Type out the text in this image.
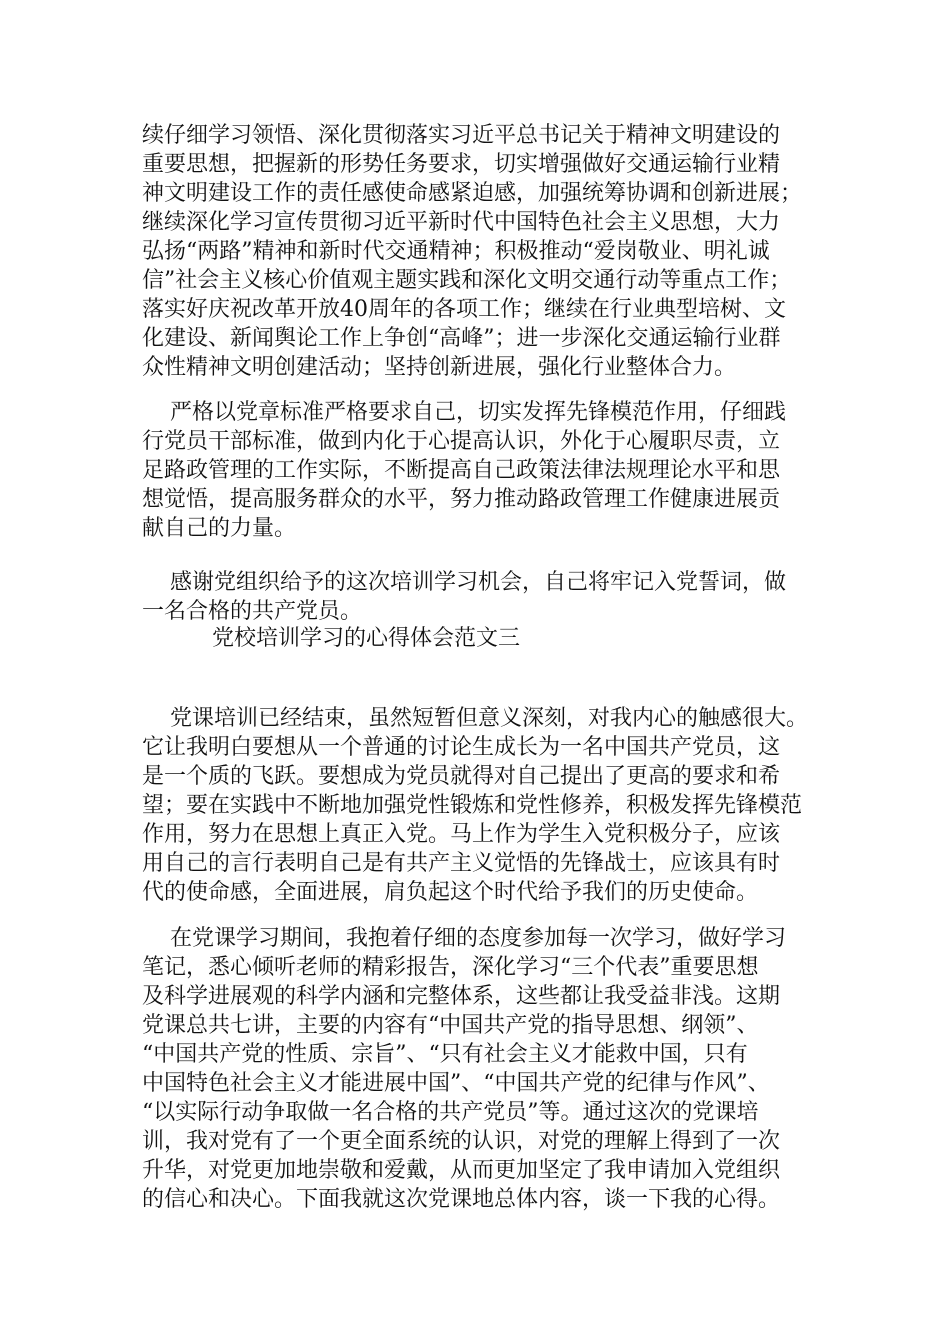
续仔细学习领悟、深化贯彻落实习近平总书记关于精神文明建设的
重要思想，把握新的形势任务要求，切实增强做好交通运输行业精
神文明建设工作的责任感使命感紧迫感，加强统筹协调和创新进展；
继续深化学习宣传贯彻习近平新时代中国特色社会主义思想，大力
弘扬“两路”精神和新时代交通精神；积极推动“爱岗敬业、明礼诚
信”社会主义核心价值观主题实践和深化文明交通行动等重点工作；
落实好庆祝改革开放40周年的各项工作；继续在行业典型培树、文
化建设、新闻舆论工作上争创“高峰”；进一步深化交通运输行业群
众性精神文明创建活动；坚持创新进展，强化行业整体合力。

严格以党章标准严格要求自己，切实发挥先锋模范作用，仔细践
行党员干部标准，做到内化于心提高认识，外化于心履职尽责，立
足路政管理的工作实际，不断提高自己政策法律法规理论水平和思
想觉悟，提高服务群众的水平，努力推动路政管理工作健康进展贡
献自己的力量。

感谢党组织给予的这次培训学习机会，自己将牢记入党誓词，做
一名合格的共产党员。

党校培训学习的心得体会范文三

党课培训已经结束，虽然短暂但意义深刻，对我内心的触感很大。
它让我明白要想从一个普通的讨论生成长为一名中国共产党员，这
是一个质的飞跃。要想成为党员就得对自己提出了更高的要求和希
望；要在实践中不断地加强党性锻炼和党性修养，积极发挥先锋模范
作用，努力在思想上真正入党。马上作为学生入党积极分子，应该
用自己的言行表明自己是有共产主义觉悟的先锋战士，应该具有时
代的使命感，全面进展，肩负起这个时代给予我们的历史使命。

在党课学习期间，我抱着仔细的态度参加每一次学习，做好学习
笔记，悉心倾听老师的精彩报告，深化学习“三个代表”重要思想
及科学进展观的科学内涵和完整体系，这些都让我受益非浅。这期
党课总共七讲，主要的内容有“中国共产党的指导思想、纲领”、
“中国共产党的性质、宗旨”、“只有社会主义才能救中国，只有
中国特色社会主义才能进展中国”、“中国共产党的纪律与作风”、
“以实际行动争取做一名合格的共产党员”等。通过这次的党课培
训，我对党有了一个更全面系统的认识，对党的理解上得到了一次
升华，对党更加地崇敬和爱戴，从而更加坚定了我申请加入党组织
的信心和决心。下面我就这次党课地总体内容，谈一下我的心得。
